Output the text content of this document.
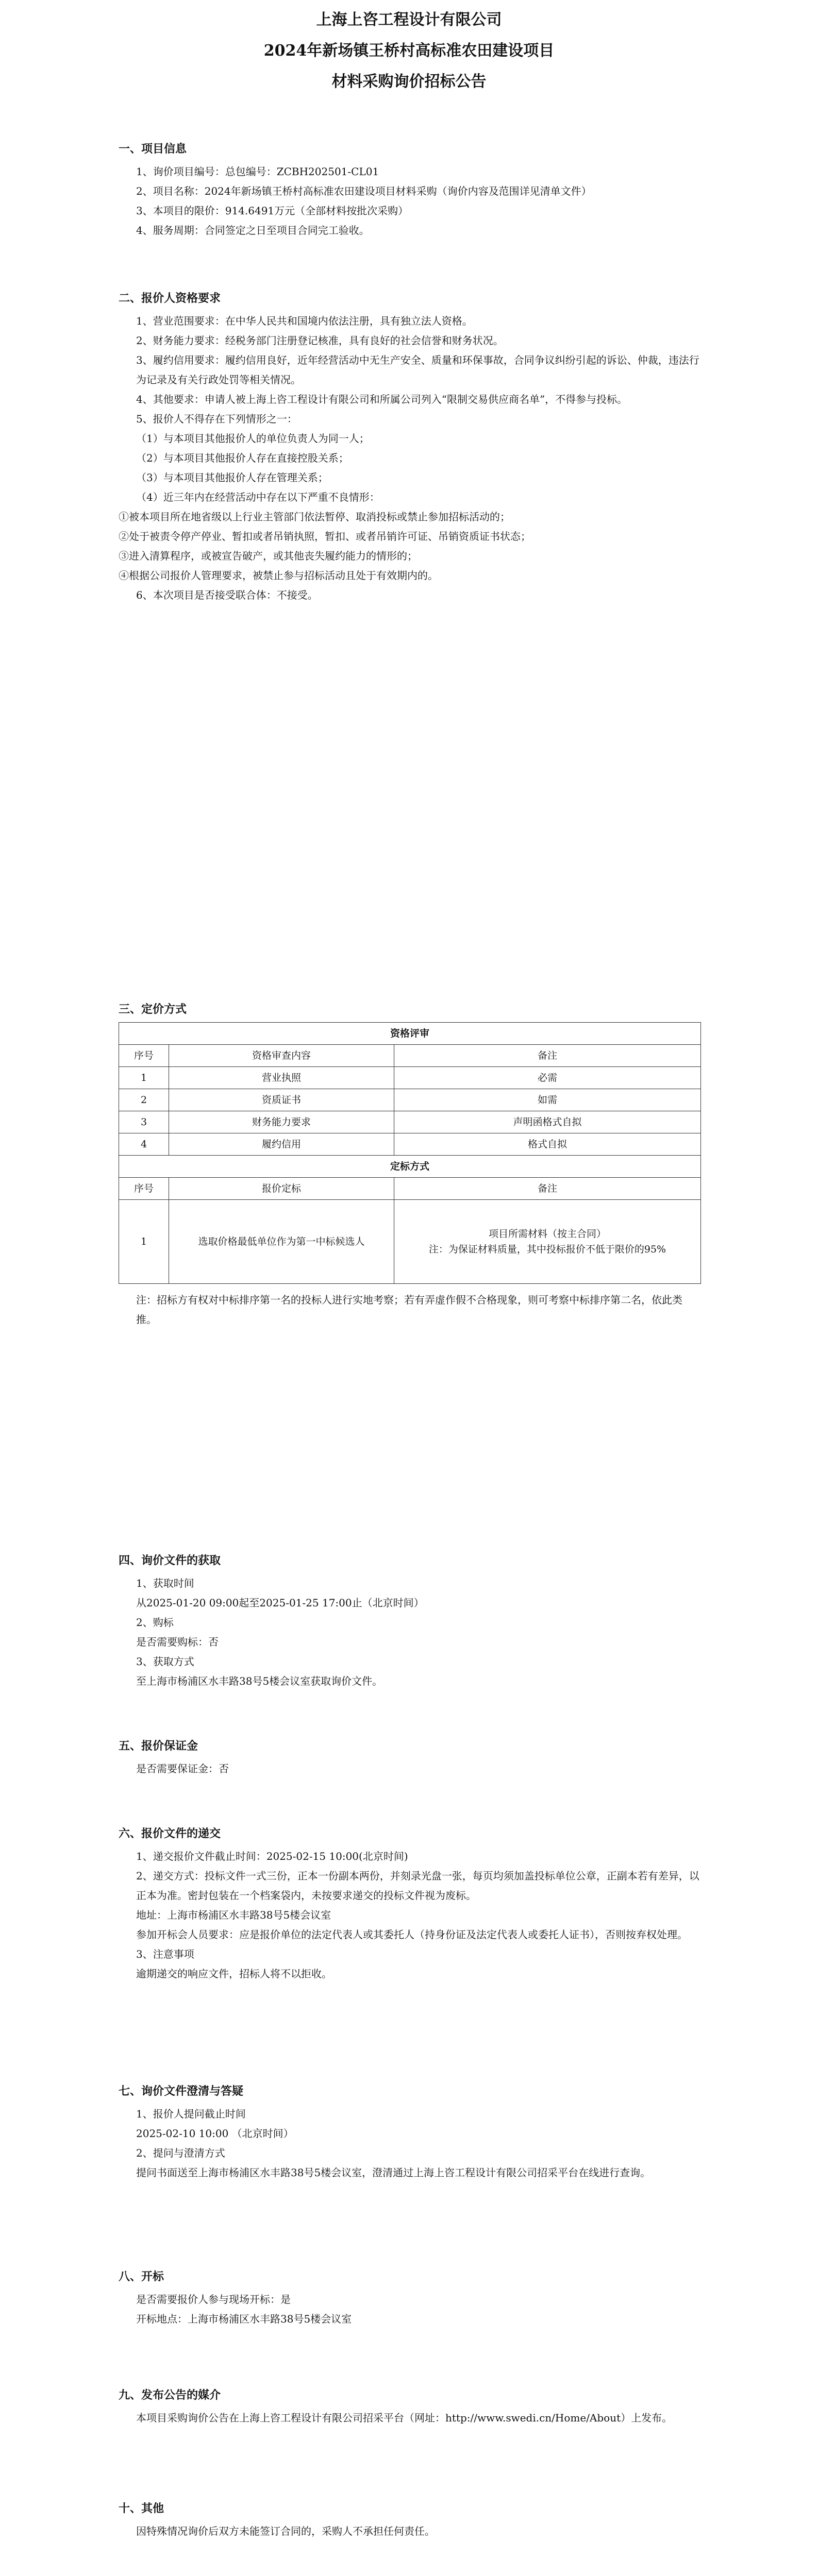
上海上咨工程设计有限公司
2024年新场镇王桥村高标准农田建设项目
材料采购询价招标公告
一、项目信息

1、询价项目编号：总包编号：ZCBH202501-CL01

2、项目名称：2024年新场镇王桥村高标准农田建设项目材料采购（询价内容及范围详见清单文件）

3、本项目的限价：914.6491万元（全部材料按批次采购）

4、服务周期：合同签定之日至项目合同完工验收。

二、报价人资格要求

1、营业范围要求：在中华人民共和国境内依法注册，具有独立法人资格。

2、财务能力要求：经税务部门注册登记核准，具有良好的社会信誉和财务状况。

3、履约信用要求：履约信用良好，近年经营活动中无生产安全、质量和环保事故，合同争议纠纷引起的诉讼、仲裁，违法行为记录及有关行政处罚等相关情况。

4、其他要求：申请人被上海上咨工程设计有限公司和所属公司列入“限制交易供应商名单”，不得参与投标。

5、报价人不得存在下列情形之一：

（1）与本项目其他报价人的单位负责人为同一人；

（2）与本项目其他报价人存在直接控股关系；

（3）与本项目其他报价人存在管理关系；

（4）近三年内在经营活动中存在以下严重不良情形：

①被本项目所在地省级以上行业主管部门依法暂停、取消投标或禁止参加招标活动的；

②处于被责令停产停业、暂扣或者吊销执照，暂扣、或者吊销许可证、吊销资质证书状态；

③进入清算程序，或被宣告破产，或其他丧失履约能力的情形的；

④根据公司报价人管理要求，被禁止参与招标活动且处于有效期内的。

6、本次项目是否接受联合体：不接受。

三、定价方式
资格评审		
序号	资格审查内容	备注
1	营业执照	必需
2	资质证书	如需
3	财务能力要求	声明函格式自拟
4	履约信用	格式自拟
定标方式		
序号	报价定标	备注
1	选取价格最低单位作为第一中标候选人	项目所需材料（按主合同）
注：为保证材料质量，其中投标报价不低于限价的95%

注：招标方有权对中标排序第一名的投标人进行实地考察；若有弄虚作假不合格现象，则可考察中标排序第二名，依此类推。

四、询价文件的获取

1、获取时间

从2025-01-20 09:00起至2025-01-25 17:00止（北京时间）

2、购标

是否需要购标：否

3、获取方式

至上海市杨浦区水丰路38号5楼会议室获取询价文件。

五、报价保证金

是否需要保证金：否

六、报价文件的递交

1、递交报价文件截止时间：2025-02-15 10:00(北京时间)

2、递交方式：投标文件一式三份，正本一份副本两份，并刻录光盘一张，每页均须加盖投标单位公章，正副本若有差异，以正本为准。密封包装在一个档案袋内，未按要求递交的投标文件视为废标。

地址：上海市杨浦区水丰路38号5楼会议室

参加开标会人员要求：应是报价单位的法定代表人或其委托人（持身份证及法定代表人或委托人证书），否则按弃权处理。

3、注意事项

逾期递交的响应文件，招标人将不以拒收。

七、询价文件澄清与答疑

1、报价人提问截止时间

2025-02-10 10:00 （北京时间）

2、提问与澄清方式

提问书面送至上海市杨浦区水丰路38号5楼会议室，澄清通过上海上咨工程设计有限公司招采平台在线进行查询。

八、开标

是否需要报价人参与现场开标：是

开标地点：上海市杨浦区水丰路38号5楼会议室

九、发布公告的媒介

本项目采购询价公告在上海上咨工程设计有限公司招采平台（网址：http://www.swedi.cn/Home/About）上发布。

十、其他

因特殊情况询价后双方未能签订合同的，采购人不承担任何责任。
